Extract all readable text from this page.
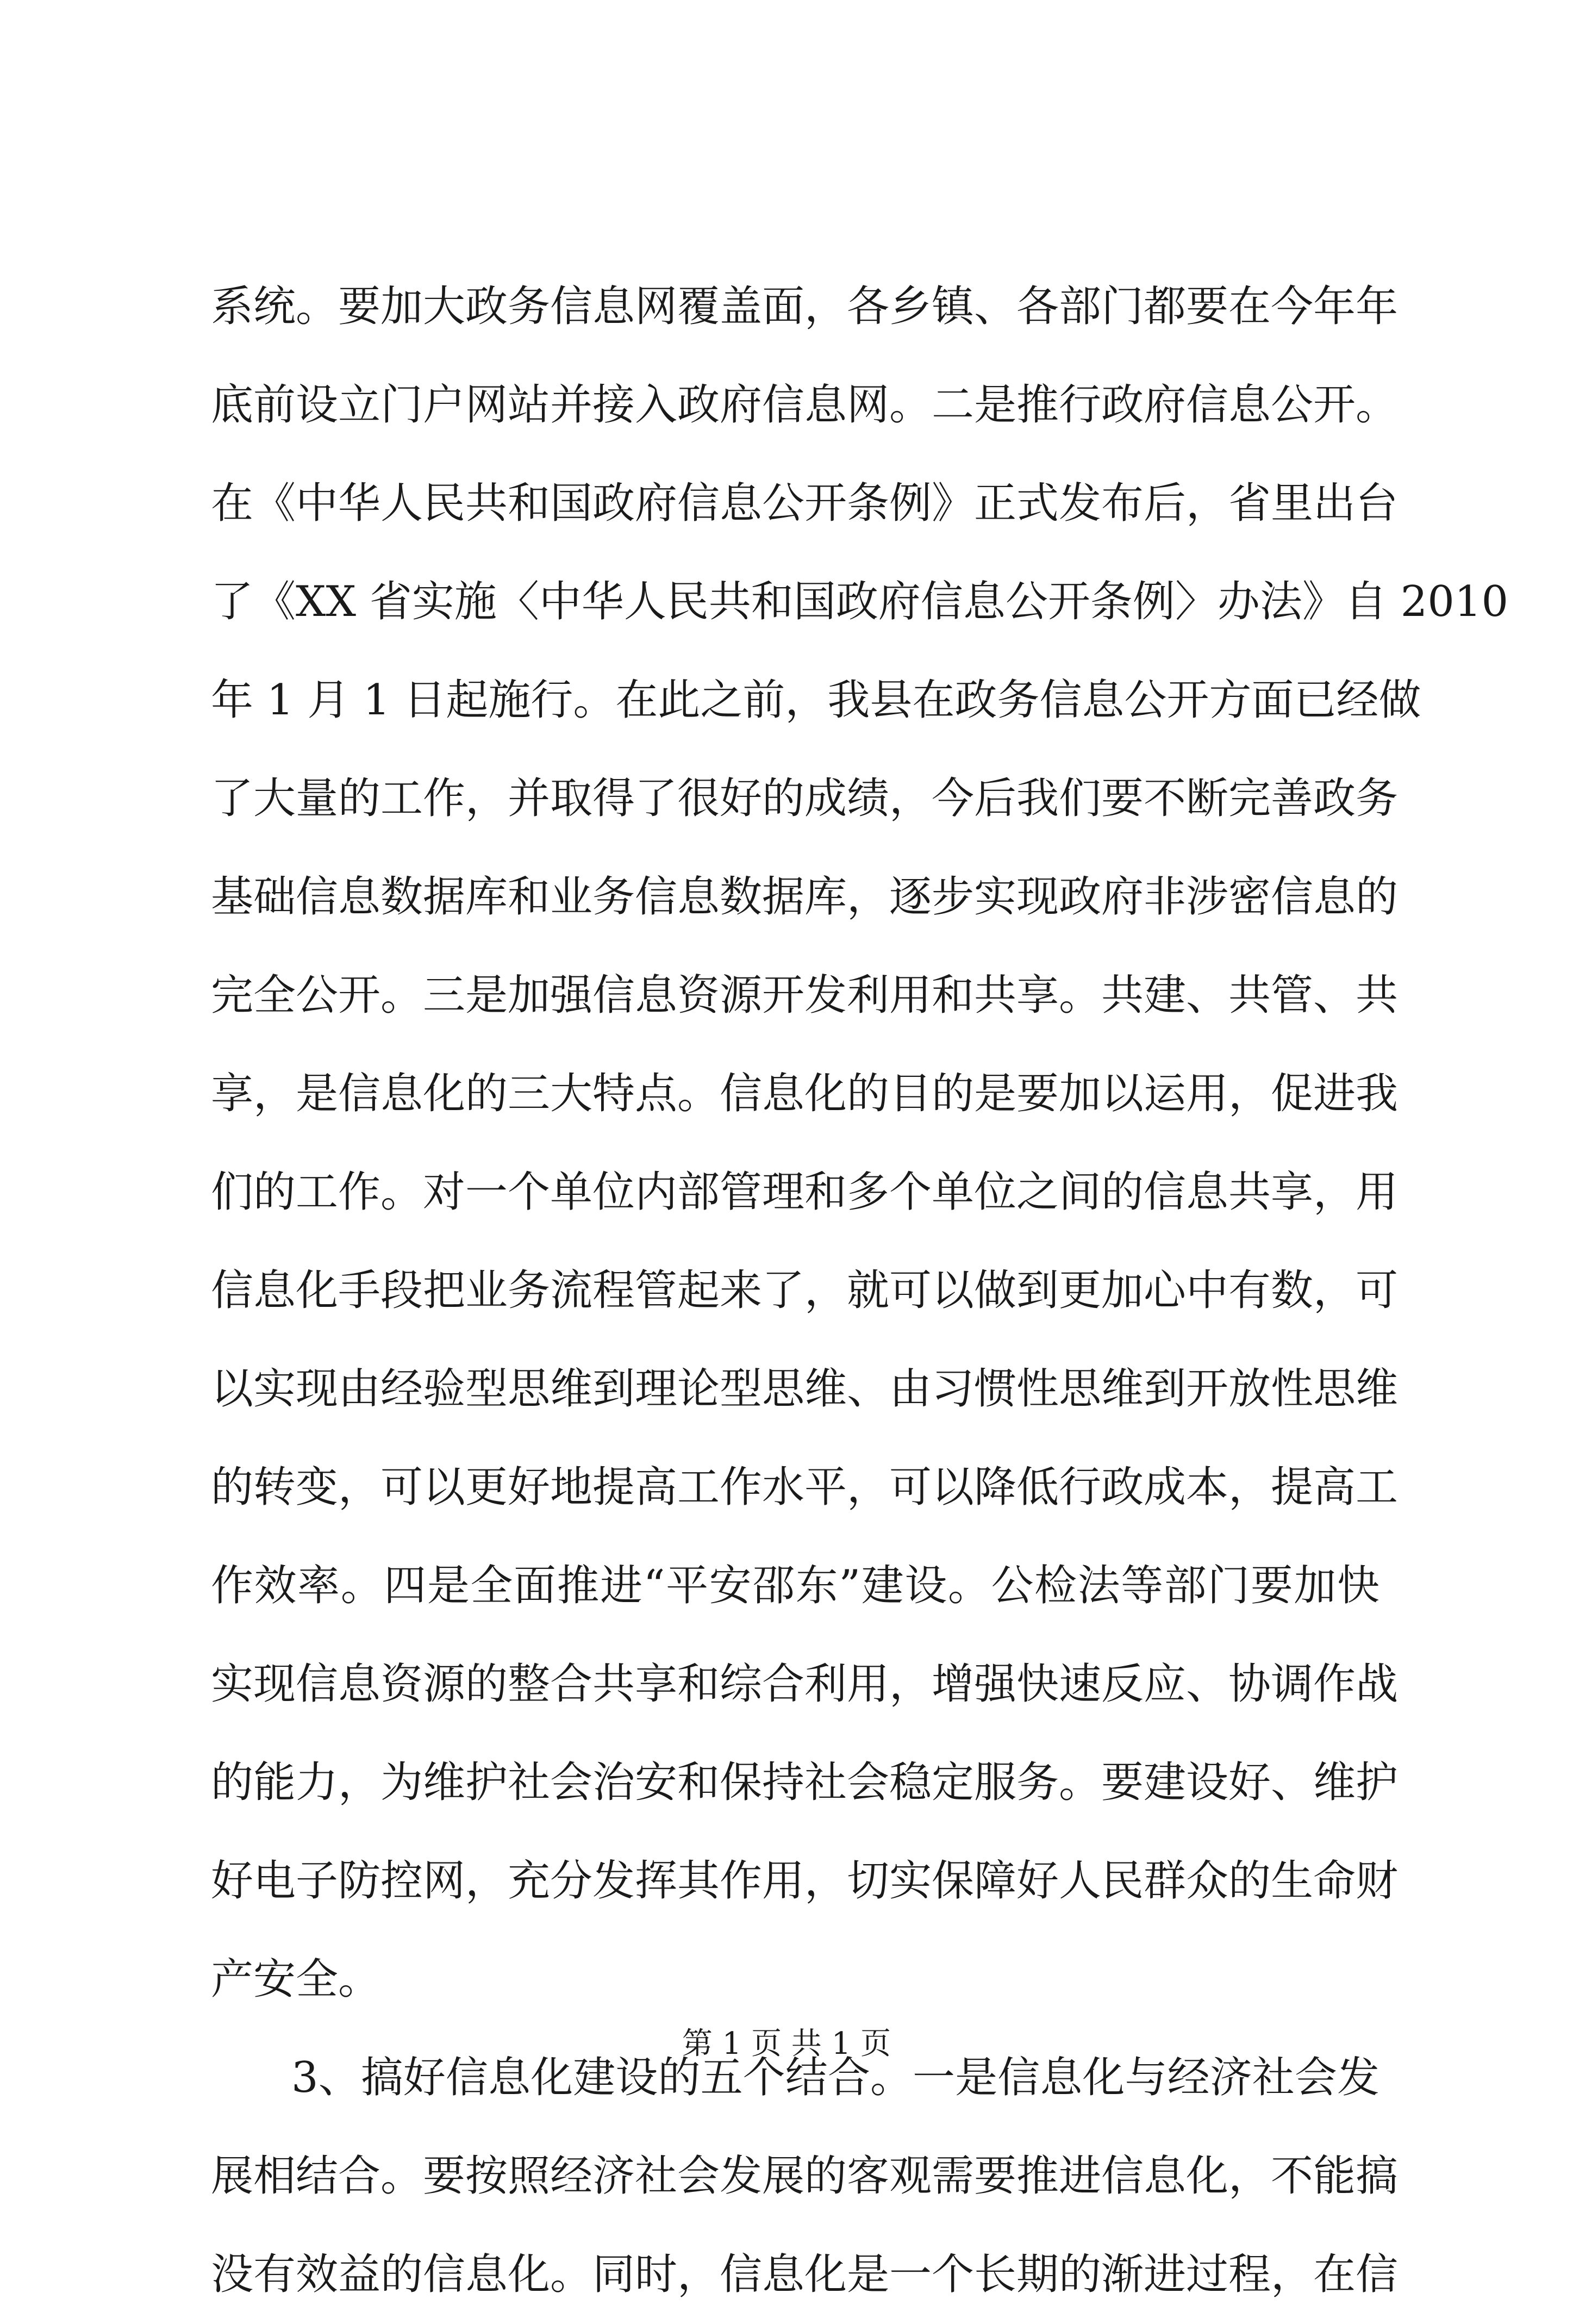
系统。要加大政务信息网覆盖面，各乡镇、各部门都要在今年年
底前设立门户网站并接入政府信息网。二是推行政府信息公开。
在《中华人民共和国政府信息公开条例》正式发布后，省里出台
了《XX 省实施〈中华人民共和国政府信息公开条例〉办法》自 2010
年 1 月 1 日起施行。在此之前，我县在政务信息公开方面已经做
了大量的工作，并取得了很好的成绩，今后我们要不断完善政务
基础信息数据库和业务信息数据库，逐步实现政府非涉密信息的
完全公开。三是加强信息资源开发利用和共享。共建、共管、共
享，是信息化的三大特点。信息化的目的是要加以运用，促进我
们的工作。对一个单位内部管理和多个单位之间的信息共享，用
信息化手段把业务流程管起来了，就可以做到更加心中有数，可
以实现由经验型思维到理论型思维、由习惯性思维到开放性思维
的转变，可以更好地提高工作水平，可以降低行政成本，提高工
作效率。四是全面推进“平安邵东”建设。公检法等部门要加快
实现信息资源的整合共享和综合利用，增强快速反应、协调作战
的能力，为维护社会治安和保持社会稳定服务。要建设好、维护
好电子防控网，充分发挥其作用，切实保障好人民群众的生命财
产安全。
3、搞好信息化建设的五个结合。一是信息化与经济社会发
展相结合。要按照经济社会发展的客观需要推进信息化，不能搞
没有效益的信息化。同时，信息化是一个长期的渐进过程，在信
第 1 页 共 1 页
